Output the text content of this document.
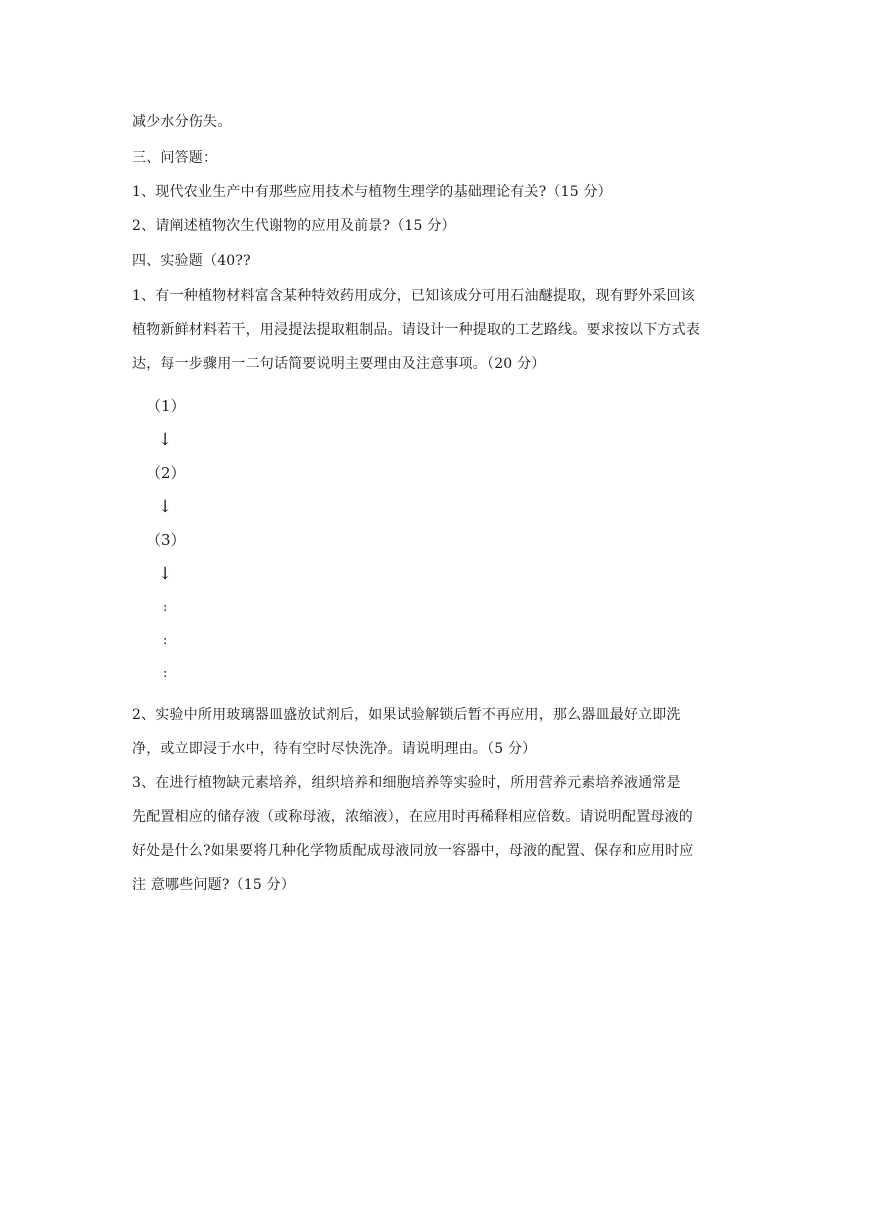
减少水分伤失。
三、问答题：
1、现代农业生产中有那些应用技术与植物生理学的基础理论有关?（15 分）
2、请阐述植物次生代谢物的应用及前景?（15 分）
四、实验题（40??
1、有一种植物材料富含某种特效药用成分，已知该成分可用石油醚提取，现有野外采回该
植物新鲜材料若干，用浸提法提取粗制品。请设计一种提取的工艺路线。要求按以下方式表
达，每一步骤用一二句话简要说明主要理由及注意事项。（20 分）
（1）
↓
（2）
↓
（3）
↓
:
:
:
2、实验中所用玻璃器皿盛放试剂后，如果试验解锁后暂不再应用，那么器皿最好立即洗
净，或立即浸于水中，待有空时尽快洗净。请说明理由。（5 分）
3、在进行植物缺元素培养，组织培养和细胞培养等实验时，所用营养元素培养液通常是
先配置相应的储存液（或称母液，浓缩液），在应用时再稀释相应倍数。请说明配置母液的
好处是什么?如果要将几种化学物质配成母液同放一容器中，母液的配置、保存和应用时应
注 意哪些问题?（15 分）
